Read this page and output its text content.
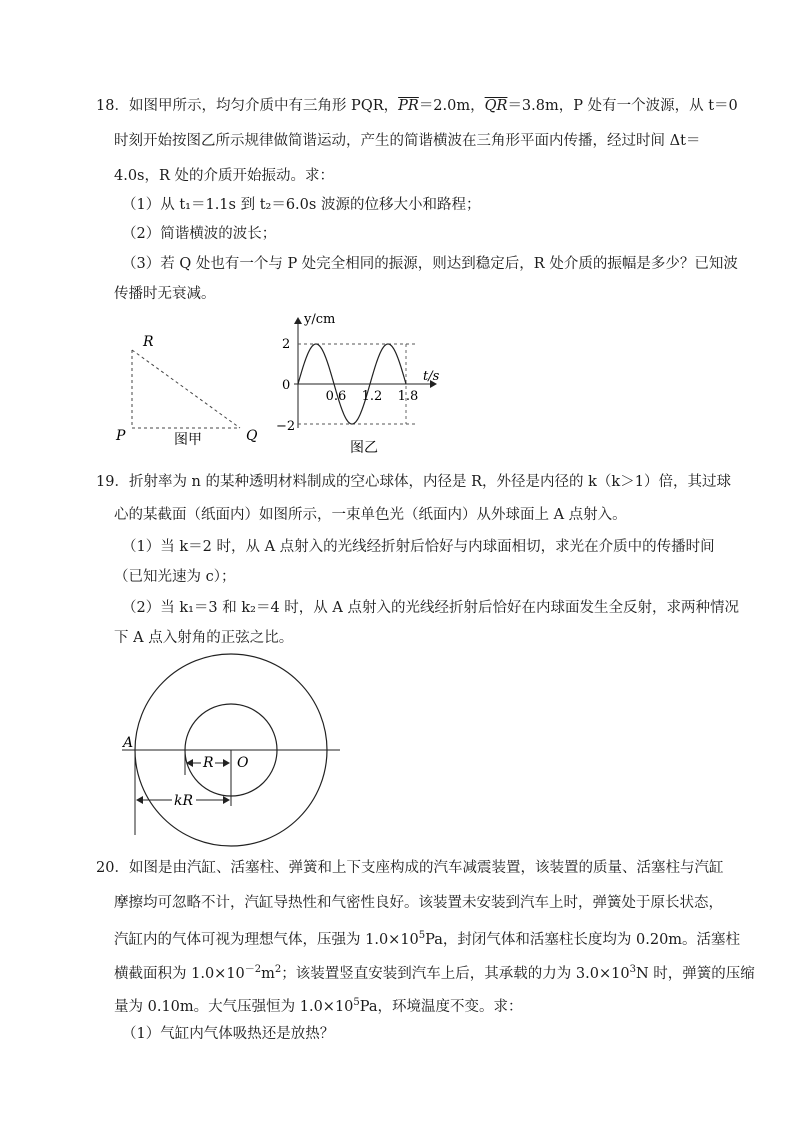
18．如图甲所示，均匀介质中有三角形 PQR，$\overline{PR}=2.0m$，$\overline{QR}=3.8m$，P 处有一个波源，从 t＝0
时刻开始按图乙所示规律做简谐运动，产生的简谐横波在三角形平面内传播，经过时间 Δt＝
4.0s，R 处的介质开始振动。求：
（1）从 t₁＝1.1s 到 t₂＝6.0s 波源的位移大小和路程；
（2）简谐横波的波长；
（3）若 Q 处也有一个与 P 处完全相同的振源，则达到稳定后，R 处介质的振幅是多少？已知波
传播时无衰减。
R
P	Q
图甲
y/cm
t/s
2
0
−2
0.6 1.2 1.8
图乙
19．折射率为 n 的某种透明材料制成的空心球体，内径是 R，外径是内径的 k（k＞1）倍，其过球
心的某截面（纸面内）如图所示，一束单色光（纸面内）从外球面上 A 点射入。
（1）当 k＝2 时，从 A 点射入的光线经折射后恰好与内球面相切，求光在介质中的传播时间
（已知光速为 c）；
（2）当 k₁＝3 和 k₂＝4 时，从 A 点射入的光线经折射后恰好在内球面发生全反射，求两种情况
下 A 点入射角的正弦之比。
A
O
R
kR
20．如图是由汽缸、活塞柱、弹簧和上下支座构成的汽车减震装置，该装置的质量、活塞柱与汽缸
摩擦均可忽略不计，汽缸导热性和气密性良好。该装置未安装到汽车上时，弹簧处于原长状态，
汽缸内的气体可视为理想气体，压强为 $1.0\times 10^5Pa$，封闭气体和活塞柱长度均为 0.20m。活塞柱
横截面积为 $1.0\times 10^{-2}m^2$；该装置竖直安装到汽车上后，其承载的力为 $3.0\times 10^3N$ 时，弹簧的压缩
量为 0.10m。大气压强恒为 $1.0\times 10^5Pa$，环境温度不变。求：
（1）气缸内气体吸热还是放热？
